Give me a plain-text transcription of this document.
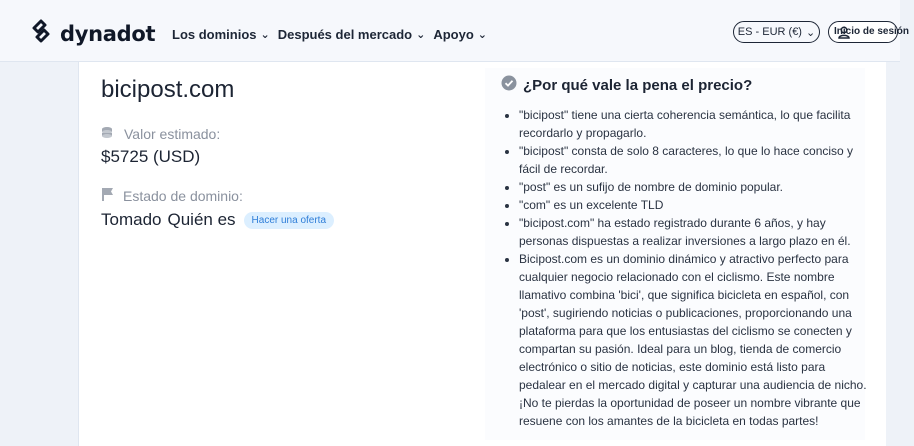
dynadot Los dominios ⌄ Después del mercado ⌄ Apoyo ⌄	ES - EUR (€) ⌄	Inicio de sesión
bicipost.com
Valor estimado:
$5725 (USD)
Estado de dominio:
Tomado Quién es	Hacer una oferta
¿Por qué vale la pena el precio?
• "bicipost" tiene una cierta coherencia semántica, lo que facilita recordarlo y propagarlo.
• "bicipost" consta de solo 8 caracteres, lo que lo hace conciso y fácil de recordar.
• "post" es un sufijo de nombre de dominio popular.
• "com" es un excelente TLD
• "bicipost.com" ha estado registrado durante 6 años, y hay personas dispuestas a realizar inversiones a largo plazo en él.
• Bicipost.com es un dominio dinámico y atractivo perfecto para cualquier negocio relacionado con el ciclismo. Este nombre llamativo combina 'bici', que significa bicicleta en español, con 'post', sugiriendo noticias o publicaciones, proporcionando una plataforma para que los entusiastas del ciclismo se conecten y compartan su pasión. Ideal para un blog, tienda de comercio electrónico o sitio de noticias, este dominio está listo para pedalear en el mercado digital y capturar una audiencia de nicho. ¡No te pierdas la oportunidad de poseer un nombre vibrante que resuene con los amantes de la bicicleta en todas partes!
